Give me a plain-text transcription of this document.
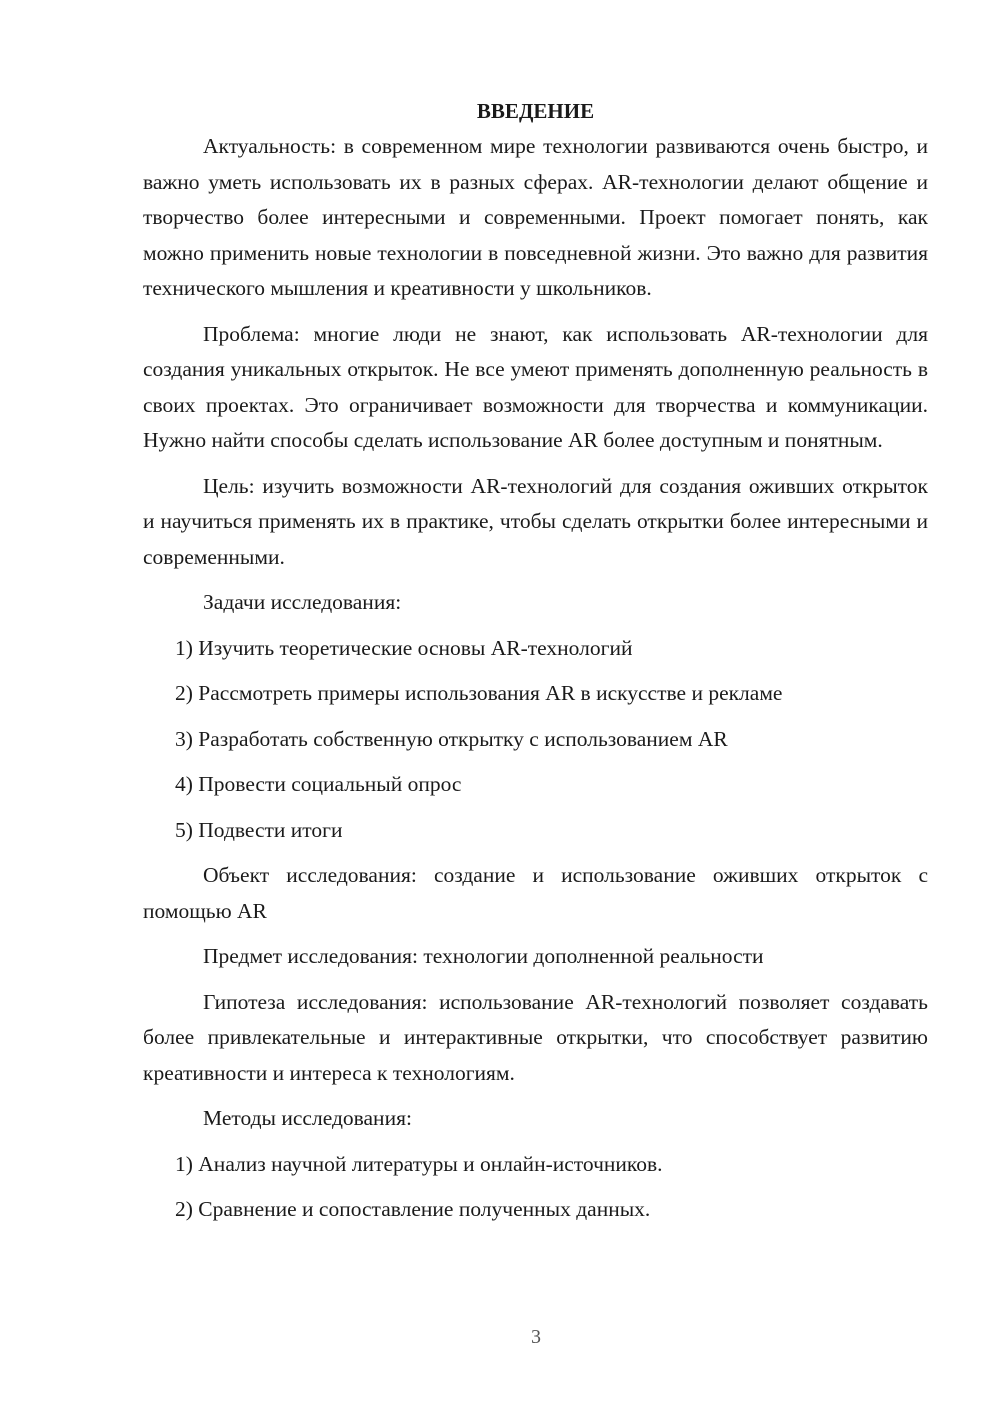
ВВЕДЕНИЕ

Актуальность: в современном мире технологии развиваются очень быстро, и важно уметь использовать их в разных сферах. AR-технологии делают общение и творчество более интересными и современными. Проект помогает понять, как можно применить новые технологии в повседневной жизни. Это важно для развития технического мышления и креативности у школьников.

Проблема: многие люди не знают, как использовать AR-технологии для создания уникальных открыток. Не все умеют применять дополненную реальность в своих проектах. Это ограничивает возможности для творчества и коммуникации. Нужно найти способы сделать использование AR более доступным и понятным.

Цель: изучить возможности AR-технологий для создания оживших открыток и научиться применять их в практике, чтобы сделать открытки более интересными и современными.

Задачи исследования:

1) Изучить теоретические основы AR-технологий

2) Рассмотреть примеры использования AR в искусстве и рекламе

3) Разработать собственную открытку с использованием AR

4) Провести социальный опрос

5) Подвести итоги

Объект исследования: создание и использование оживших открыток с помощью AR

Предмет исследования: технологии дополненной реальности

Гипотеза исследования: использование AR-технологий позволяет создавать более привлекательные и интерактивные открытки, что способствует развитию креативности и интереса к технологиям.

Методы исследования:

1) Анализ научной литературы и онлайн-источников.

2) Сравнение и сопоставление полученных данных.

3
